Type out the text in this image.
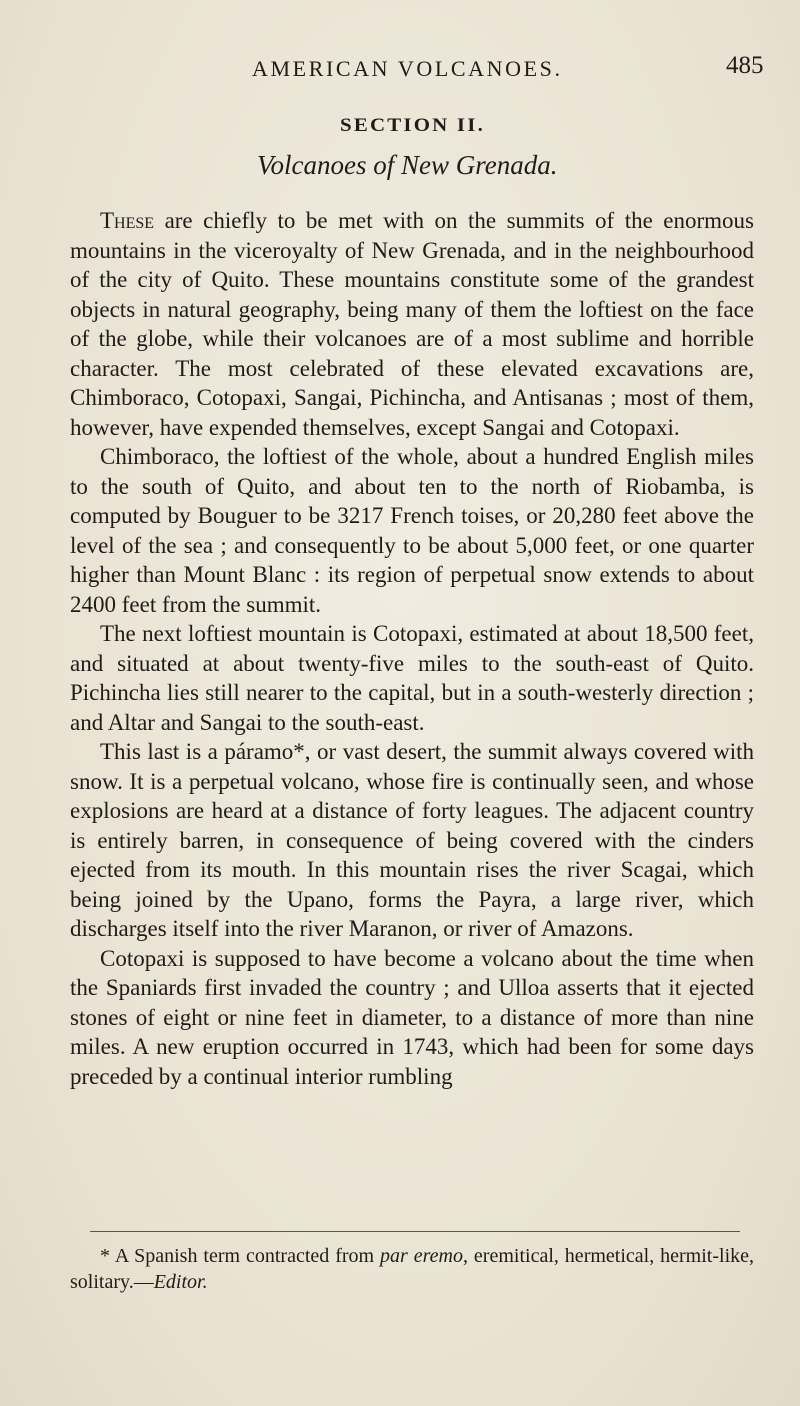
AMERICAN VOLCANOES.	485
SECTION II.
Volcanoes of New Grenada.

These are chiefly to be met with on the summits of the enormous mountains in the viceroyalty of New Grenada, and in the neighbourhood of the city of Quito. These mountains constitute some of the grandest objects in natural geography, being many of them the loftiest on the face of the globe, while their volcanoes are of a most sublime and horrible character. The most celebrated of these elevated excavations are, Chimboraco, Cotopaxi, Sangai, Pichincha, and Antisanas ; most of them, however, have expended themselves, except Sangai and Cotopaxi.

Chimboraco, the loftiest of the whole, about a hundred English miles to the south of Quito, and about ten to the north of Riobamba, is computed by Bouguer to be 3217 French toises, or 20,280 feet above the level of the sea ; and consequently to be about 5,000 feet, or one quarter higher than Mount Blanc : its region of perpetual snow extends to about 2400 feet from the summit.

The next loftiest mountain is Cotopaxi, estimated at about 18,500 feet, and situated at about twenty-five miles to the south-east of Quito. Pichincha lies still nearer to the capital, but in a south-westerly direction ; and Altar and Sangai to the south-east.

This last is a páramo*, or vast desert, the summit always covered with snow. It is a perpetual volcano, whose fire is continually seen, and whose explosions are heard at a distance of forty leagues. The adjacent country is entirely barren, in consequence of being covered with the cinders ejected from its mouth. In this mountain rises the river Scagai, which being joined by the Upano, forms the Payra, a large river, which discharges itself into the river Maranon, or river of Amazons.

Cotopaxi is supposed to have become a volcano about the time when the Spaniards first invaded the country ; and Ulloa asserts that it ejected stones of eight or nine feet in diameter, to a distance of more than nine miles. A new eruption occurred in 1743, which had been for some days preceded by a continual interior rumbling

* A Spanish term contracted from par eremo, eremitical, hermetical, hermit-like, solitary.—Editor.
